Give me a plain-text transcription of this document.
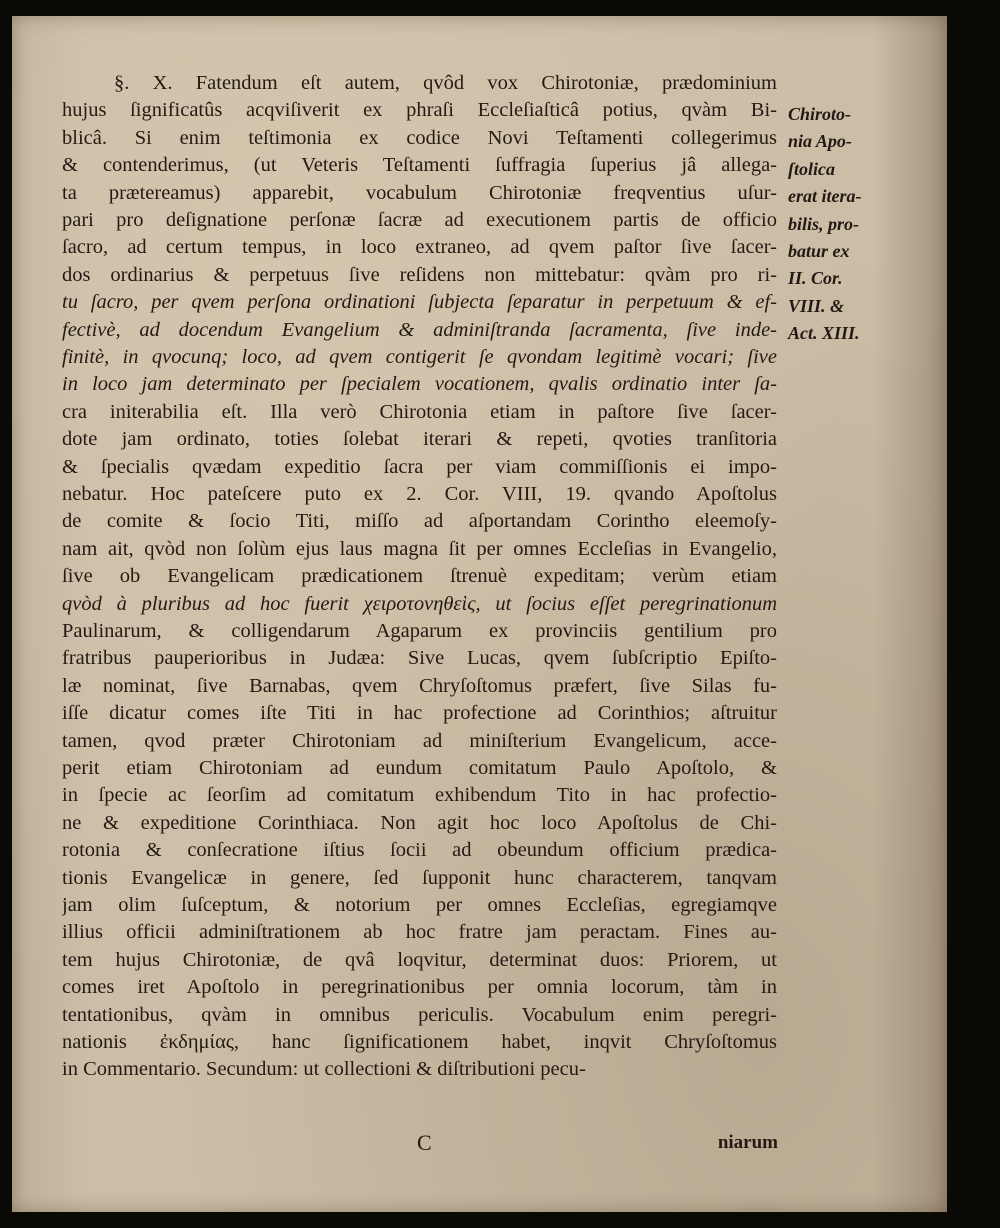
§. X. Fatendum eſt autem, qvôd vox Chirotoniæ, prædominium
hujus ſignificatûs acqviſiverit ex phraſi Eccleſiaſticâ potius, qvàm Bi-
blicâ. Si enim teſtimonia ex codice Novi Teſtamenti collegerimus
& contenderimus, (ut Veteris Teſtamenti ſuffragia ſuperius jâ allega-
ta prætereamus) apparebit, vocabulum Chirotoniæ freqventius uſur-
pari pro deſignatione perſonæ ſacræ ad executionem partis de officio
ſacro, ad certum tempus, in loco extraneo, ad qvem paſtor ſive ſacer-
dos ordinarius & perpetuus ſive reſidens non mittebatur: qvàm pro ri-
tu ſacro, per qvem perſona ordinationi ſubjecta ſeparatur in perpetuum & ef-
fectivè, ad docendum Evangelium & adminiſtranda ſacramenta, ſive inde-
finitè, in qvocunq; loco, ad qvem contigerit ſe qvondam legitimè vocari; ſive
in loco jam determinato per ſpecialem vocationem, qvalis ordinatio inter ſa-
cra initerabilia eſt. Illa verò Chirotonia etiam in paſtore ſive ſacer-
dote jam ordinato, toties ſolebat iterari & repeti, qvoties tranſitoria
& ſpecialis qvædam expeditio ſacra per viam commiſſionis ei impo-
nebatur. Hoc pateſcere puto ex 2. Cor. VIII, 19. qvando Apoſtolus
de comite & ſocio Titi, miſſo ad aſportandam Corintho eleemoſy-
nam ait, qvòd non ſolùm ejus laus magna ſit per omnes Eccleſias in Evangelio,
ſive ob Evangelicam prædicationem ſtrenuè expeditam; verùm etiam
qvòd à pluribus ad hoc fuerit χειροτονηθεὶς, ut ſocius eſſet peregrinationum
Paulinarum, & colligendarum Agaparum ex provinciis gentilium pro
fratribus pauperioribus in Judæa: Sive Lucas, qvem ſubſcriptio Epiſto-
læ nominat, ſive Barnabas, qvem Chryſoſtomus præfert, ſive Silas fu-
iſſe dicatur comes iſte Titi in hac profectione ad Corinthios; aſtruitur
tamen, qvod præter Chirotoniam ad miniſterium Evangelicum, acce-
perit etiam Chirotoniam ad eundum comitatum Paulo Apoſtolo, &
in ſpecie ac ſeorſim ad comitatum exhibendum Tito in hac profectio-
ne & expeditione Corinthiaca. Non agit hoc loco Apoſtolus de Chi-
rotonia & conſecratione iſtius ſocii ad obeundum officium prædica-
tionis Evangelicæ in genere, ſed ſupponit hunc characterem, tanqvam
jam olim ſuſceptum, & notorium per omnes Eccleſias, egregiamqve
illius officii adminiſtrationem ab hoc fratre jam peractam. Fines au-
tem hujus Chirotoniæ, de qvâ loqvitur, determinat duos: Priorem, ut
comes iret Apoſtolo in peregrinationibus per omnia locorum, tàm in
tentationibus, qvàm in omnibus periculis. Vocabulum enim peregri-
nationis ἐκδημίας, hanc ſignificationem habet, inqvit Chryſoſtomus
in Commentario. Secundum: ut collectioni & diſtributioni pecu-
Chiroto-
nia Apo-
ſtolica
erat itera-
bilis, pro-
batur ex
II. Cor.
VIII. &
Act. XIII.
C	niarum
